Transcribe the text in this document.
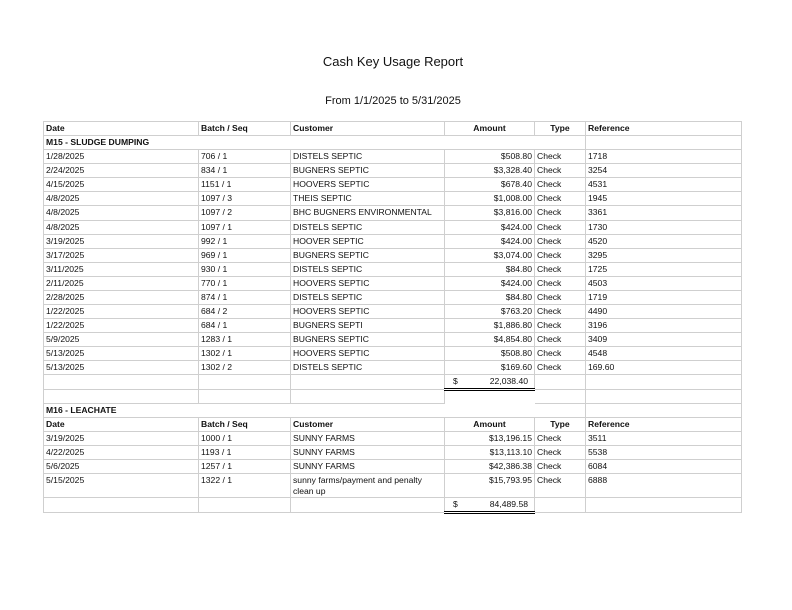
Cash Key Usage Report
From 1/1/2025 to 5/31/2025
Date	Batch / Seq	Customer	Amount	Type	Reference
M15 - SLUDGE DUMPING					
1/28/2025	706 / 1	DISTELS SEPTIC	$508.80	Check	1718
2/24/2025	834 / 1	BUGNERS SEPTIC	$3,328.40	Check	3254
4/15/2025	1151 / 1	HOOVERS SEPTIC	$678.40	Check	4531
4/8/2025	1097 / 3	THEIS SEPTIC	$1,008.00	Check	1945
4/8/2025	1097 / 2	BHC BUGNERS ENVIRONMENTAL	$3,816.00	Check	3361
4/8/2025	1097 / 1	DISTELS SEPTIC	$424.00	Check	1730
3/19/2025	992 / 1	HOOVER SEPTIC	$424.00	Check	4520
3/17/2025	969 / 1	BUGNERS SEPTIC	$3,074.00	Check	3295
3/11/2025	930 / 1	DISTELS SEPTIC	$84.80	Check	1725
2/11/2025	770 / 1	HOOVERS SEPTIC	$424.00	Check	4503
2/28/2025	874 / 1	DISTELS SEPTIC	$84.80	Check	1719
1/22/2025	684 / 2	HOOVERS SEPTIC	$763.20	Check	4490
1/22/2025	684 / 1	BUGNERS SEPTI	$1,886.80	Check	3196
5/9/2025	1283 / 1	BUGNERS SEPTIC	$4,854.80	Check	3409
5/13/2025	1302 / 1	HOOVERS SEPTIC	$508.80	Check	4548
5/13/2025	1302 / 2	DISTELS SEPTIC	$169.60	Check	169.60

			$ 22,038.40		

M16 - LEACHATE					
Date	Batch / Seq	Customer	Amount	Type	Reference
3/19/2025	1000 / 1	SUNNY FARMS	$13,196.15	Check	3511
4/22/2025	1193 / 1	SUNNY FARMS	$13,113.10	Check	5538
5/6/2025	1257 / 1	SUNNY FARMS	$42,386.38	Check	6084
5/15/2025	1322 / 1	sunny farms/payment and penalty clean up	$15,793.95	Check	6888

			$ 84,489.58		
